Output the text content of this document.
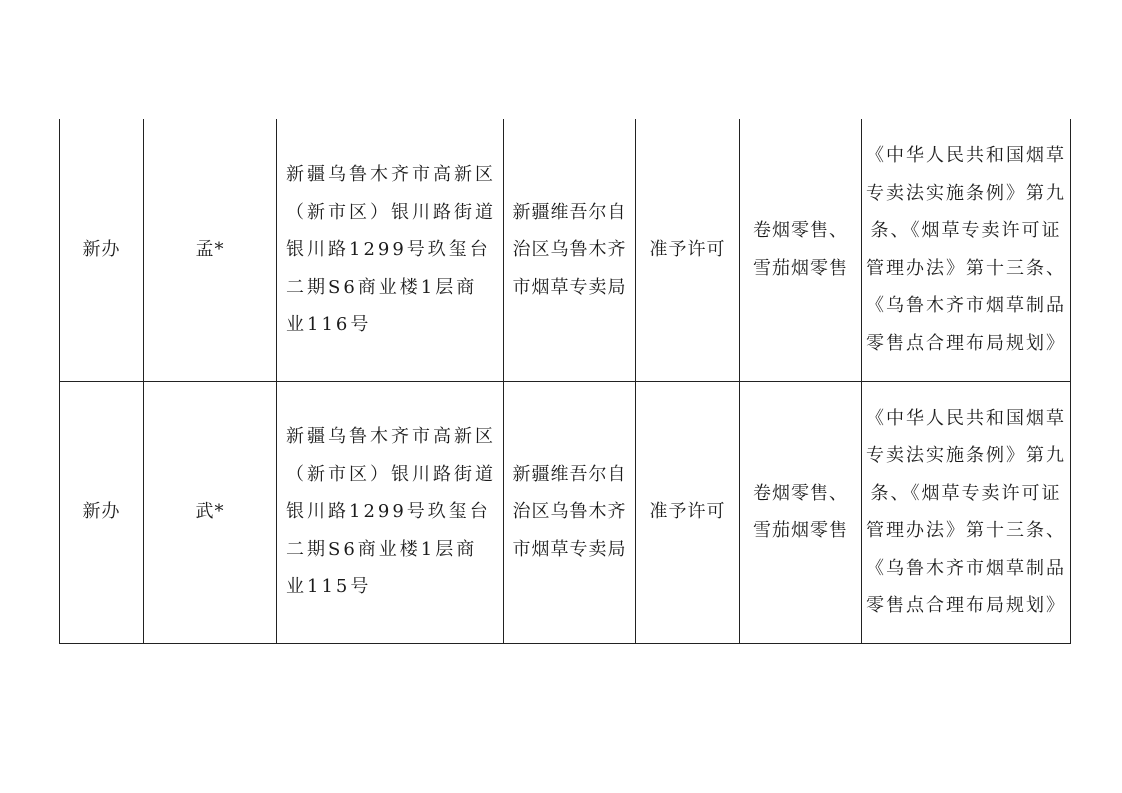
新办	孟*	新疆乌鲁木齐市高新区（新市区）银川路街道银川路1299号玖玺台二期S6商业楼1层商业116号	新疆维吾尔自治区乌鲁木齐市烟草专卖局	准予许可	卷烟零售、雪茄烟零售	《中华人民共和国烟草专卖法实施条例》第九条、《烟草专卖许可证管理办法》第十三条、《乌鲁木齐市烟草制品零售点合理布局规划》
新办	武*	新疆乌鲁木齐市高新区（新市区）银川路街道银川路1299号玖玺台二期S6商业楼1层商业115号	新疆维吾尔自治区乌鲁木齐市烟草专卖局	准予许可	卷烟零售、雪茄烟零售	《中华人民共和国烟草专卖法实施条例》第九条、《烟草专卖许可证管理办法》第十三条、《乌鲁木齐市烟草制品零售点合理布局规划》
